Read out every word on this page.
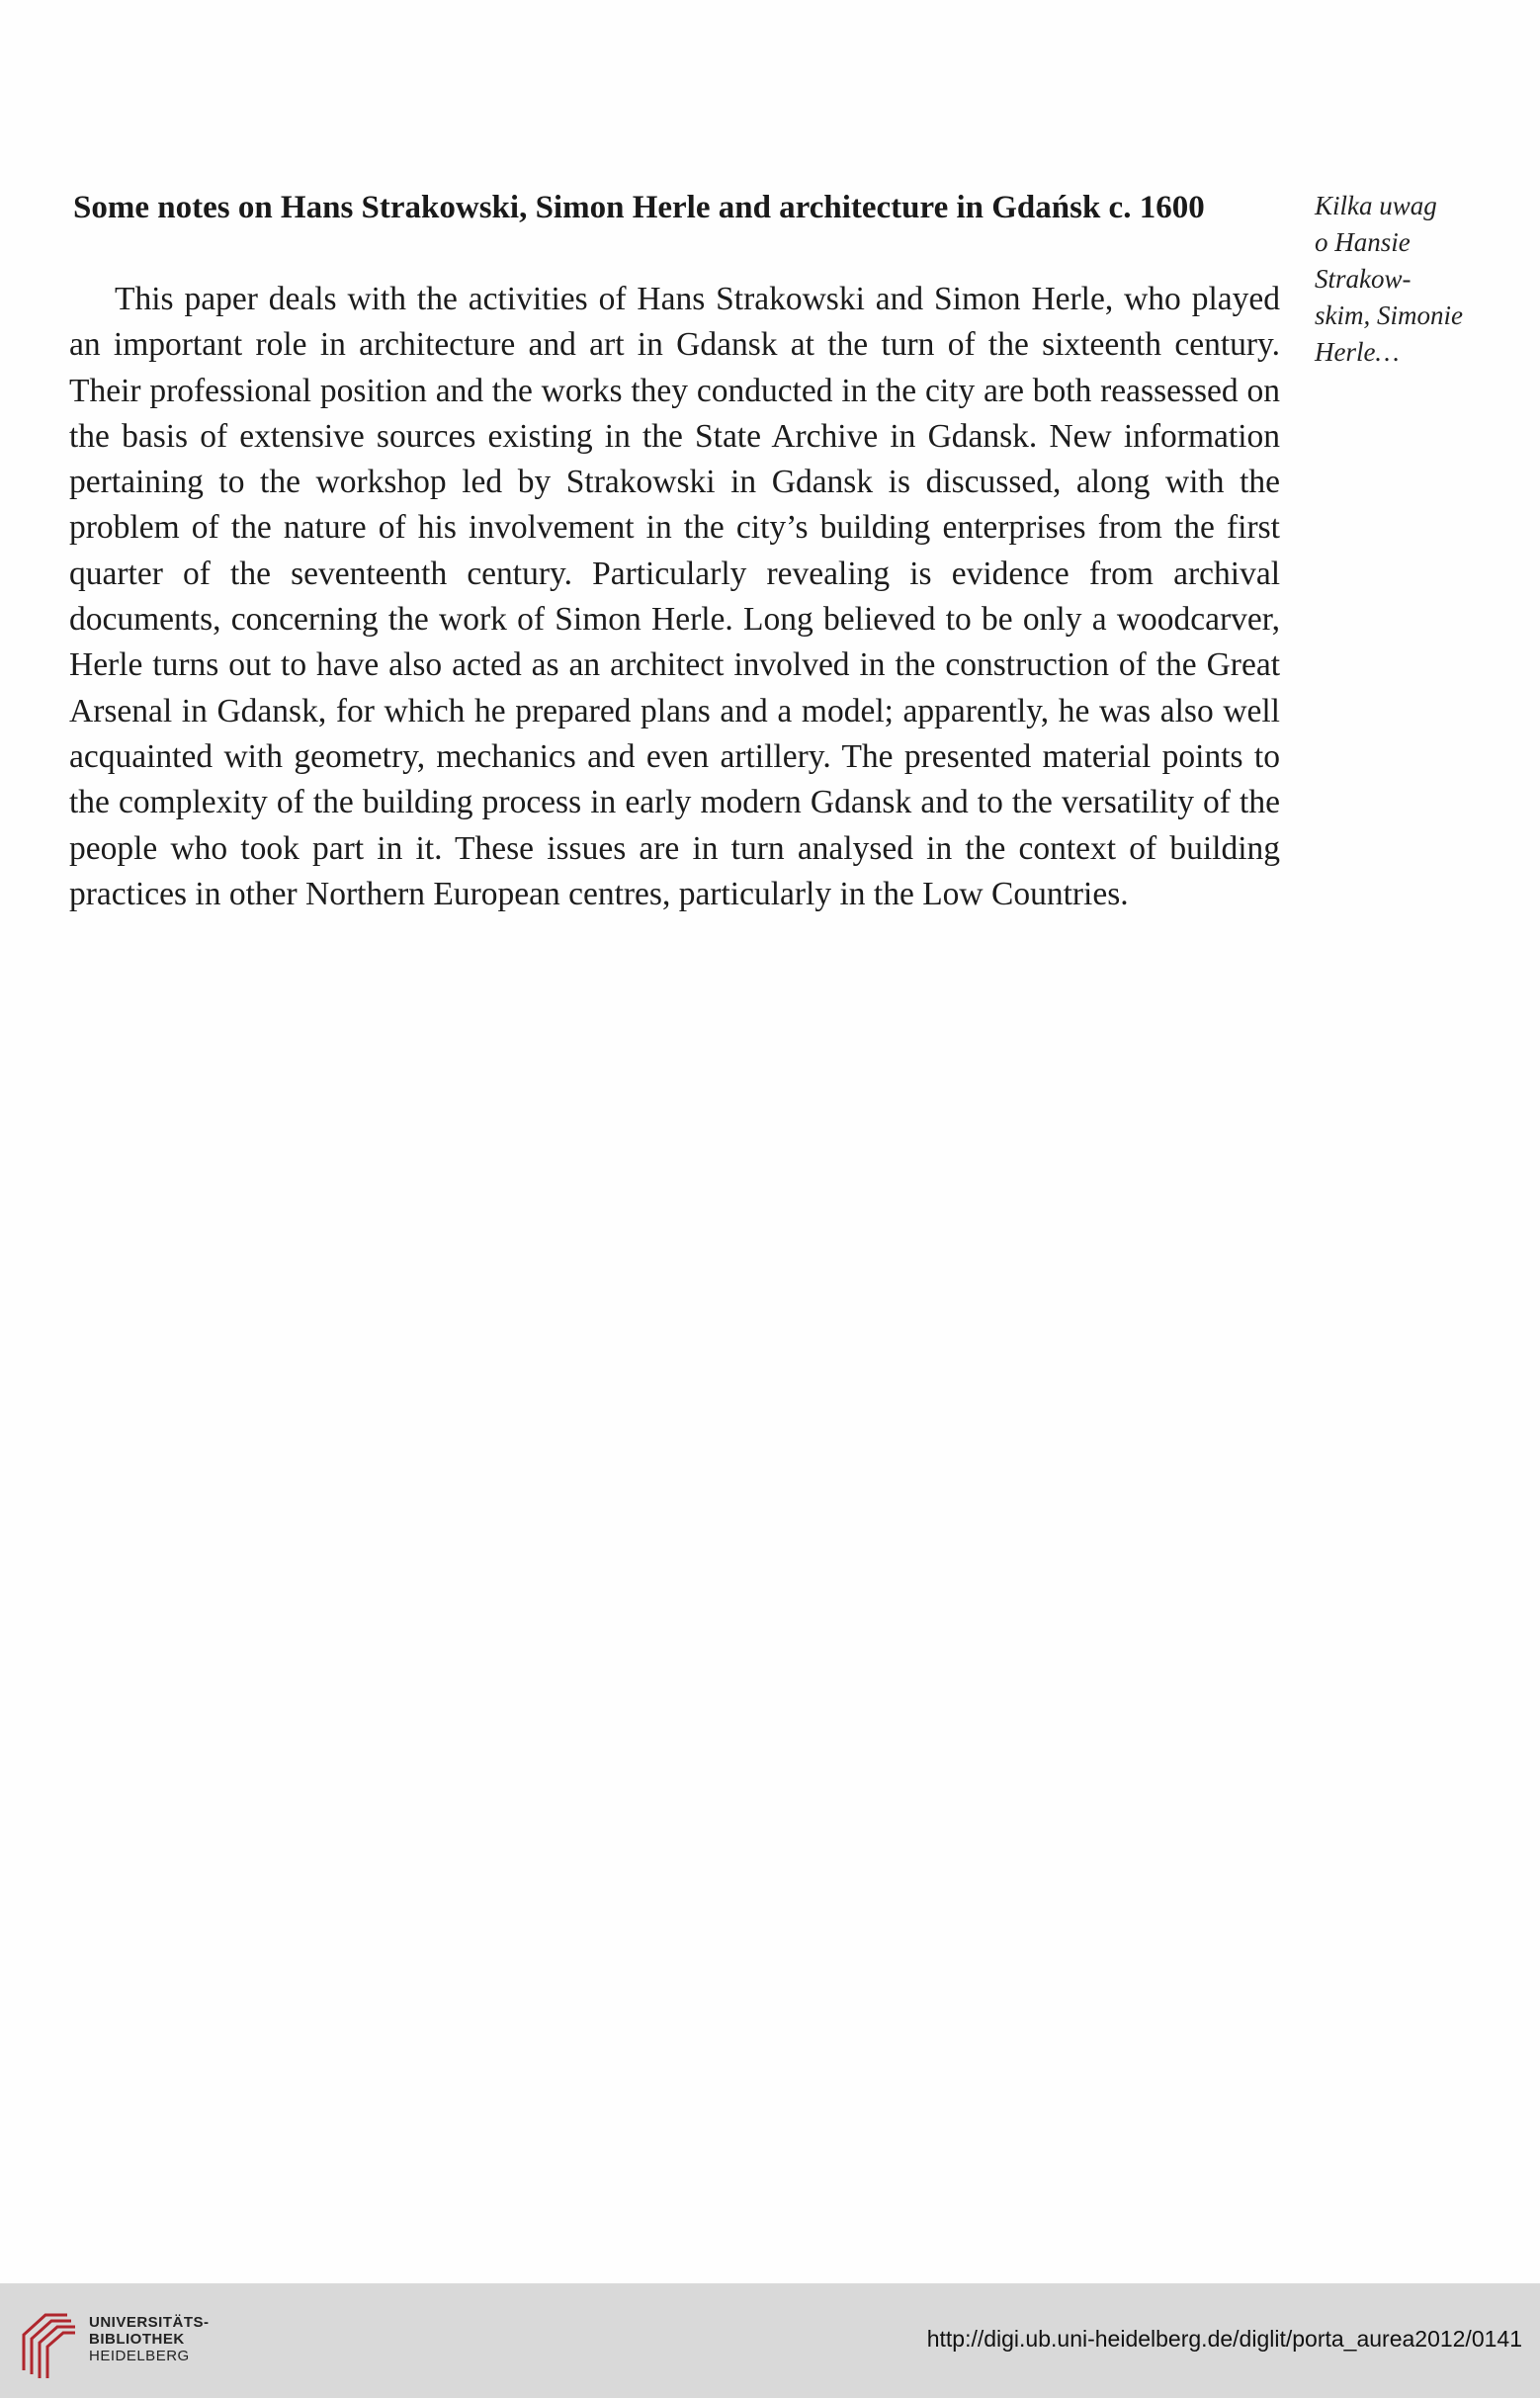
Some notes on Hans Strakowski, Simon Herle and architecture in Gdańsk c. 1600

This paper deals with the activities of Hans Strakowski and Simon Herle, who played an important role in architecture and art in Gdansk at the turn of the sixteenth century. Their professional position and the works they conducted in the city are both reassessed on the basis of extensive sources existing in the State Archive in Gdansk. New information pertaining to the workshop led by Strakowski in Gdansk is discussed, along with the problem of the nature of his involvement in the city’s building enterprises from the first quarter of the seventeenth century. Particularly revealing is evidence from archival documents, concerning the work of Simon Herle. Long believed to be only a woodcarver, Herle turns out to have also acted as an architect involved in the construction of the Great Arsenal in Gdansk, for which he prepared plans and a model; apparently, he was also well acquainted with geometry, mechanics and even artillery. The presented material points to the complexity of the building process in early modern Gdansk and to the versatility of the people who took part in it. These issues are in turn analysed in the context of building practices in other Northern European centres, particularly in the Low Countries.

Kilka uwag
o Hansie
Strakow-
skim, Simonie
Herle…

UNIVERSITÄTS-
BIBLIOTHEK
HEIDELBERG
http://digi.ub.uni-heidelberg.de/diglit/porta_aurea2012/0141
